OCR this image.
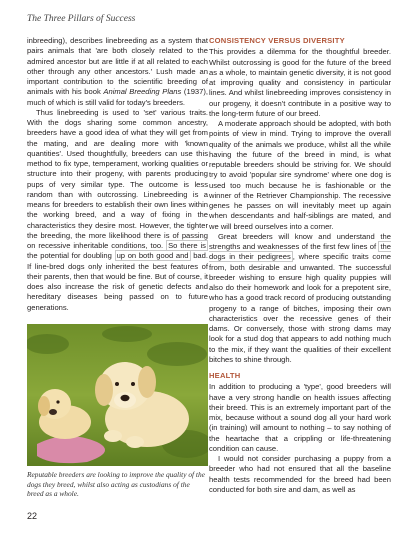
The Three Pillars of Success

inbreeding), describes linebreeding as a system that pairs animals that 'are both closely related to the admired ancestor but are little if at all related to each other through any other ancestors.' Lush made an important contribution to the scientific breeding of animals with his book Animal Breeding Plans (1937), much of which is still valid for today's breeders.

Thus linebreeding is used to 'set' various traits. With the dogs sharing some common ancestry, breeders have a good idea of what they will get from the mating, and are dealing more with 'known quantities'. Used thoughtfully, breeders can use this method to fix type, temperament, working qualities or structure into their progeny, with parents producing pups of very similar type. The outcome is less random than with outcrossing. Linebreeding is a means for breeders to establish their own lines within the working breed, and a way of fixing in the characteristics they desire most. However, the tighter the breeding, the more likelihood there is of passing on recessive inheritable conditions, too. So there is the potential for doubling up on both good and bad. If line-bred dogs only inherited the best features of their parents, then that would be fine. But of course, it does also increase the risk of genetic defects and hereditary diseases being passed on to future generations.

Reputable breeders are looking to improve the quality of the dogs they breed, whilst also acting as custodians of the breed as a whole.
CONSISTENCY VERSUS DIVERSITY

This provides a dilemma for the thoughtful breeder. Whilst outcrossing is good for the future of the breed as a whole, to maintain genetic diversity, it is not good at improving quality and consistency in particular lines. And whilst linebreeding improves consistency in our progeny, it doesn't contribute in a positive way to the long-term future of our breed.

A moderate approach should be adopted, with both points of view in mind. Trying to improve the overall quality of the animals we produce, whilst all the while having the future of the breed in mind, is what reputable breeders should be striving for. We should try to avoid 'popular sire syndrome' where one dog is used too much because he is fashionable or the winner of the Retriever Championship. The recessive genes he passes on will inevitably meet up again when descendants and half-siblings are mated, and we will breed ourselves into a corner.

Great breeders will know and understand the strengths and weaknesses of the first few lines of the dogs in their pedigrees , where specific traits come from, both desirable and unwanted. The successful breeder wishing to ensure high quality puppies will also do their homework and look for a prepotent sire, who has a good track record of producing outstanding progeny to a range of bitches, imposing their own characteristics over the recessive genes of their dams. Or conversely, those with strong dams may look for a stud dog that appears to add nothing much to the mix, if they want the qualities of their excellent bitches to shine through.

HEALTH

In addition to producing a 'type', good breeders will have a very strong handle on health issues affecting their breed. This is an extremely important part of the mix, because without a sound dog all your hard work (in training) will amount to nothing – to say nothing of the heartache that a crippling or life-threatening condition can cause.

I would not consider purchasing a puppy from a breeder who had not ensured that all the baseline health tests recommended for the breed had been conducted for both sire and dam, as well as

22
